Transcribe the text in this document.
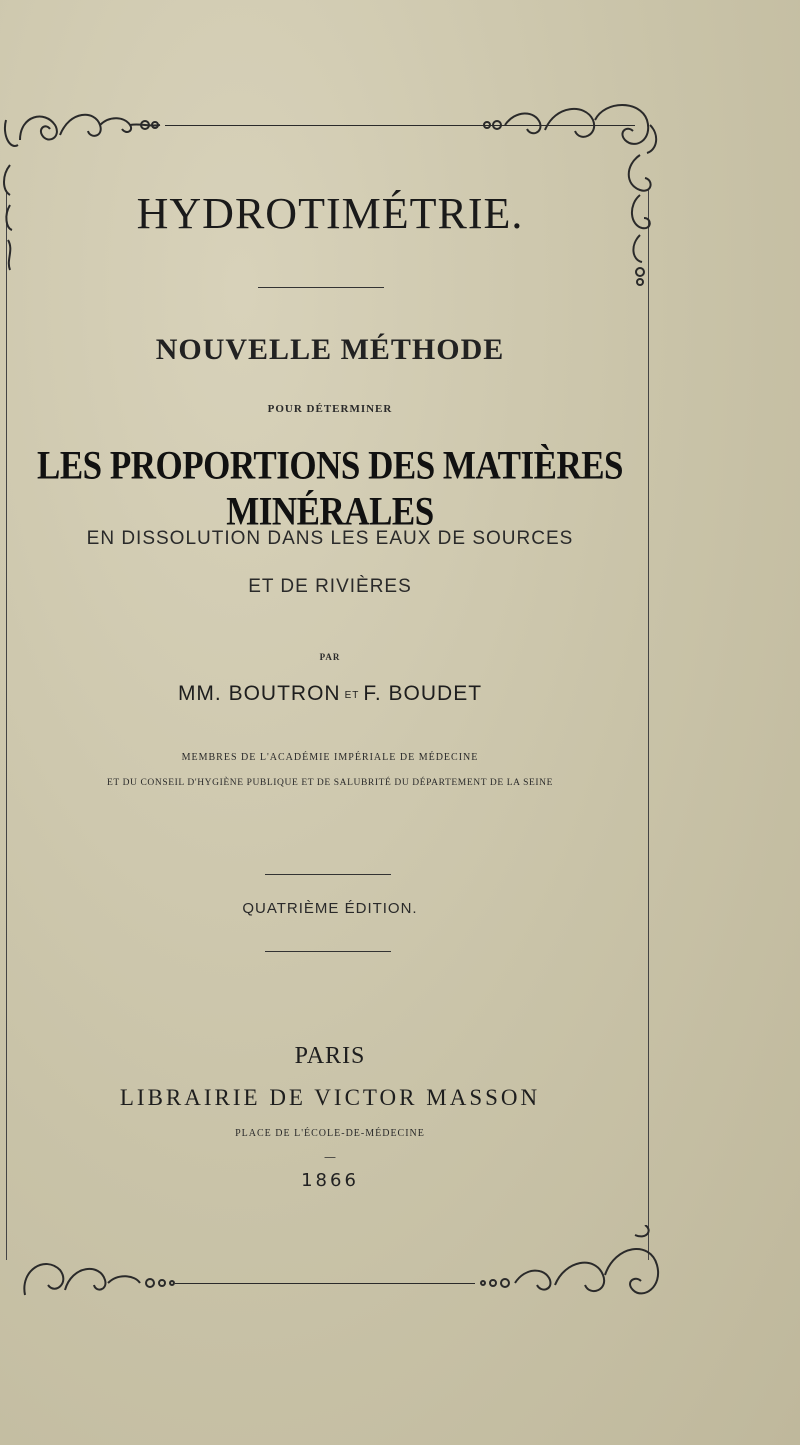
HYDROTIMÉTRIE.
NOUVELLE MÉTHODE
POUR DÉTERMINER
LES PROPORTIONS DES MATIÈRES MINÉRALES
EN DISSOLUTION DANS LES EAUX DE SOURCES
ET DE RIVIÈRES
PAR
MM. BOUTRON ET F. BOUDET
MEMBRES DE L'ACADÉMIE IMPÉRIALE DE MÉDECINE
ET DU CONSEIL D'HYGIÈNE PUBLIQUE ET DE SALUBRITÉ DU DÉPARTEMENT DE LA SEINE
QUATRIÈME ÉDITION.
PARIS
LIBRAIRIE DE VICTOR MASSON
PLACE DE L'ÉCOLE-DE-MÉDECINE
—
1866
